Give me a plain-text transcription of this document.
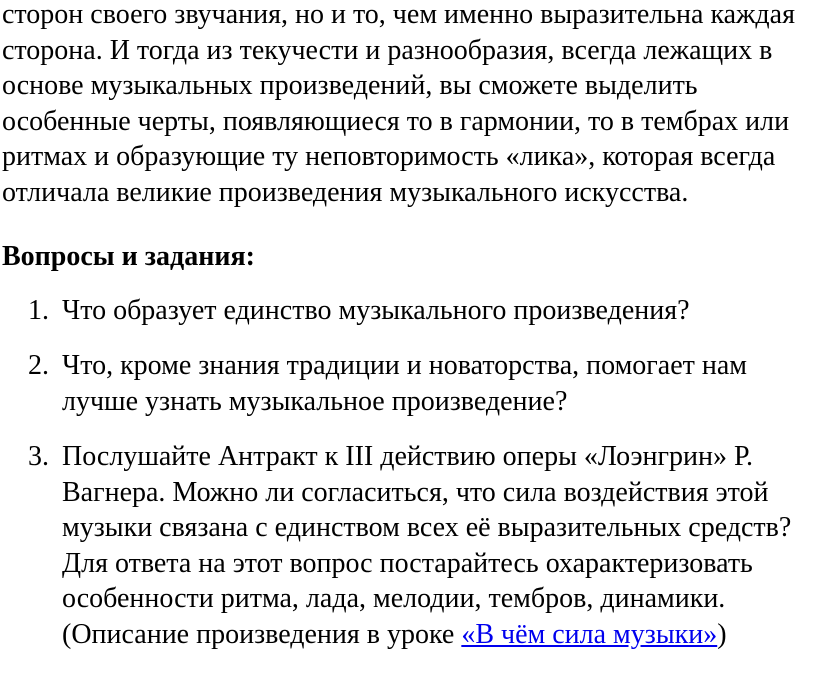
сторон своего звучания, но и то, чем именно выразительна каждая сторона. И тогда из текучести и разнообразия, всегда лежащих в основе музыкальных произведений, вы сможете выделить особенные черты, появляющиеся то в гармонии, то в тембрах или ритмах и образующие ту неповторимость «лика», которая всегда отличала великие произведения музыкального искусства.

Вопросы и задания:
1. Что образует единство музыкального произведения?
2. Что, кроме знания традиции и новаторства, помогает нам лучше узнать музыкальное произведение?
3. Послушайте Антракт к III действию оперы «Лоэнгрин» Р. Вагнера. Можно ли согласиться, что сила воздействия этой музыки связана с единством всех её выразительных средств? Для ответа на этот вопрос постарайтесь охарактеризовать особенности ритма, лада, мелодии, тембров, динамики. (Описание произведения в уроке «В чём сила музыки»)
